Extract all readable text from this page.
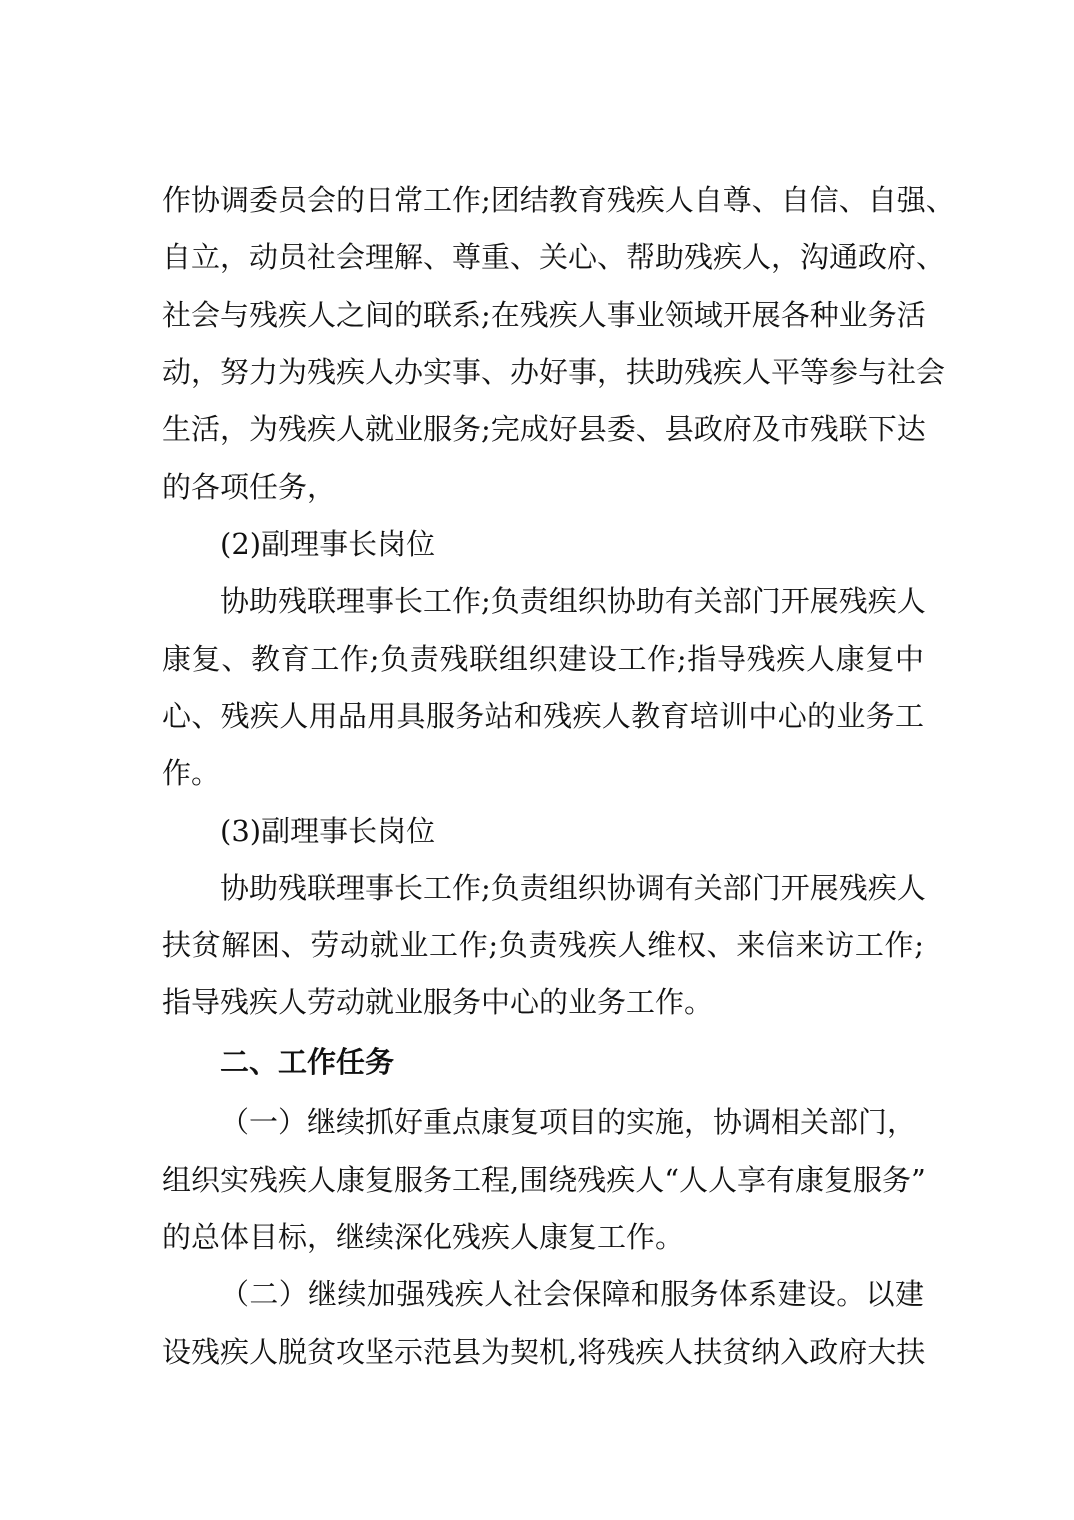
作协调委员会的日常工作;团结教育残疾人自尊、自信、自强、
自立，动员社会理解、尊重、关心、帮助残疾人，沟通政府、
社会与残疾人之间的联系;在残疾人事业领域开展各种业务活
动，努力为残疾人办实事、办好事，扶助残疾人平等参与社会
生活，为残疾人就业服务;完成好县委、县政府及市残联下达
的各项任务，
(2)副理事长岗位
协助残联理事长工作;负责组织协助有关部门开展残疾人
康复、教育工作;负责残联组织建设工作;指导残疾人康复中
心、残疾人用品用具服务站和残疾人教育培训中心的业务工
作。
(3)副理事长岗位
协助残联理事长工作;负责组织协调有关部门开展残疾人
扶贫解困、劳动就业工作;负责残疾人维权、来信来访工作;
指导残疾人劳动就业服务中心的业务工作。
二、工作任务
（一）继续抓好重点康复项目的实施，协调相关部门，
组织实残疾人康复服务工程,围绕残疾人“人人享有康复服务”
的总体目标，继续深化残疾人康复工作。
（二）继续加强残疾人社会保障和服务体系建设。以建
设残疾人脱贫攻坚示范县为契机,将残疾人扶贫纳入政府大扶
